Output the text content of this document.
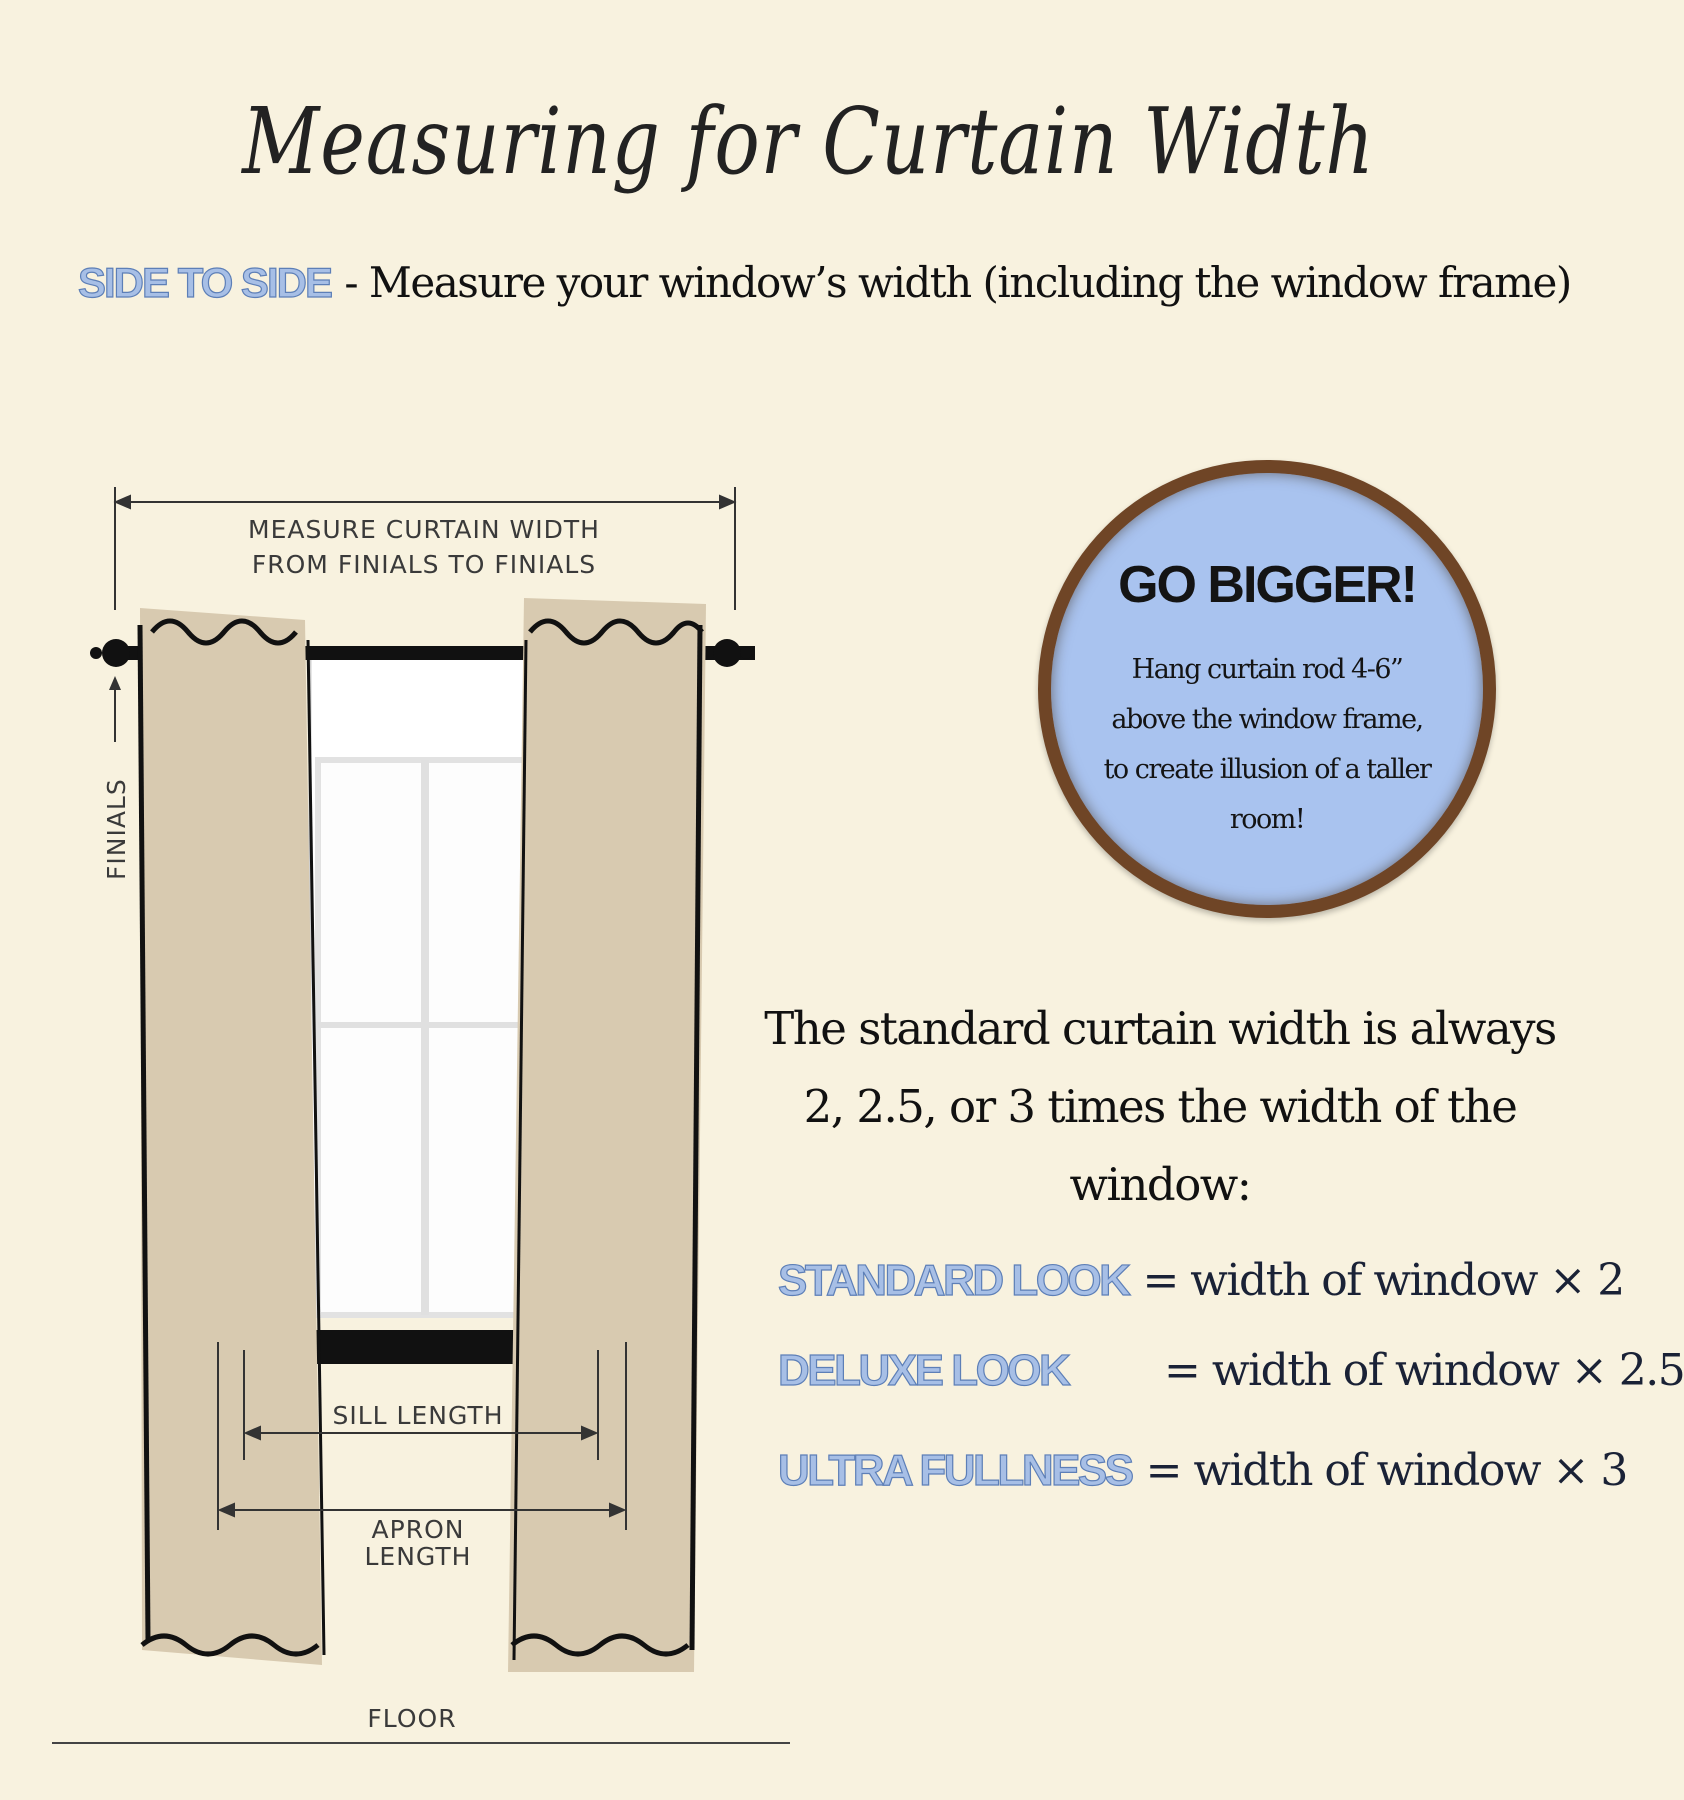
Measuring for Curtain Width
SIDE TO SIDE - Measure your window’s width (including the window frame)
MEASURE CURTAIN WIDTH
FROM FINIALS TO FINIALS
FINIALS
SILL LENGTH
APRON
LENGTH
FLOOR
GO BIGGER!
Hang curtain rod 4-6” above the window frame, to create illusion of a taller room!
The standard curtain width is always 2, 2.5, or 3 times the width of the window:
STANDARD LOOK = width of window × 2
DELUXE LOOK = width of window × 2.5
ULTRA FULLNESS = width of window × 3
